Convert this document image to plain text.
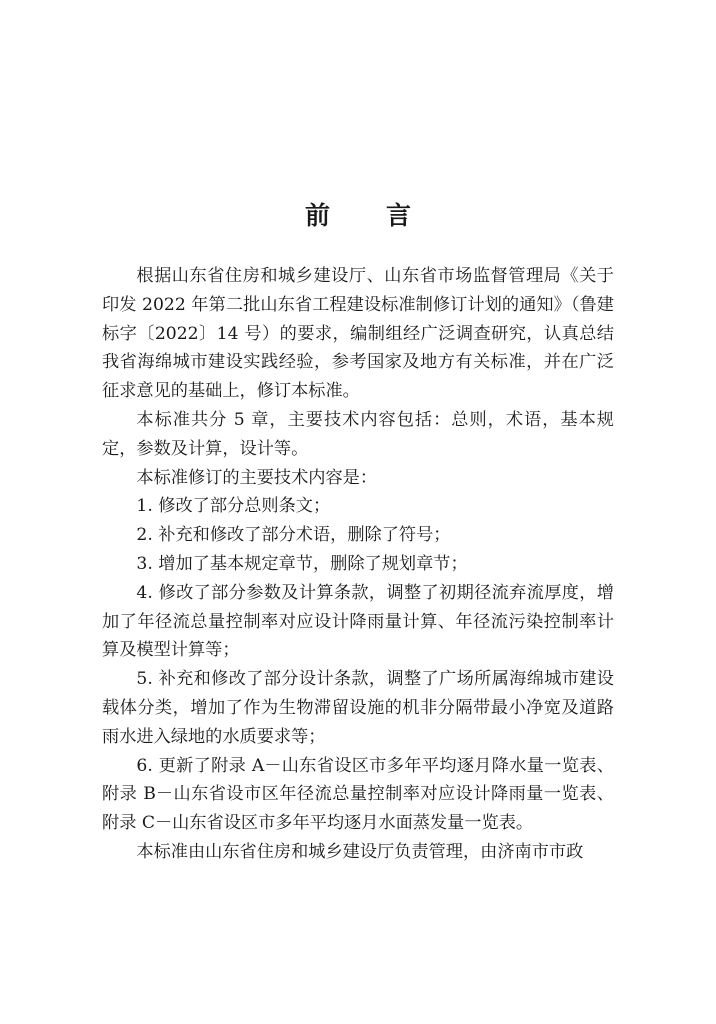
前 言

根据山东省住房和城乡建设厅、山东省市场监督管理局《关于印发 2022 年第二批山东省工程建设标准制修订计划的通知》（鲁建标字〔2022〕14 号）的要求，编制组经广泛调查研究，认真总结我省海绵城市建设实践经验，参考国家及地方有关标准，并在广泛征求意见的基础上，修订本标准。

本标准共分 5 章，主要技术内容包括：总则，术语，基本规定，参数及计算，设计等。

本标准修订的主要技术内容是：

1. 修改了部分总则条文；

2. 补充和修改了部分术语，删除了符号；

3. 增加了基本规定章节，删除了规划章节；

4. 修改了部分参数及计算条款，调整了初期径流弃流厚度，增加了年径流总量控制率对应设计降雨量计算、年径流污染控制率计算及模型计算等；

5. 补充和修改了部分设计条款，调整了广场所属海绵城市建设载体分类，增加了作为生物滞留设施的机非分隔带最小净宽及道路雨水进入绿地的水质要求等；

6. 更新了附录 A－山东省设区市多年平均逐月降水量一览表、附录 B－山东省设市区年径流总量控制率对应设计降雨量一览表、附录 C－山东省设区市多年平均逐月水面蒸发量一览表。

本标准由山东省住房和城乡建设厅负责管理，由济南市市政
